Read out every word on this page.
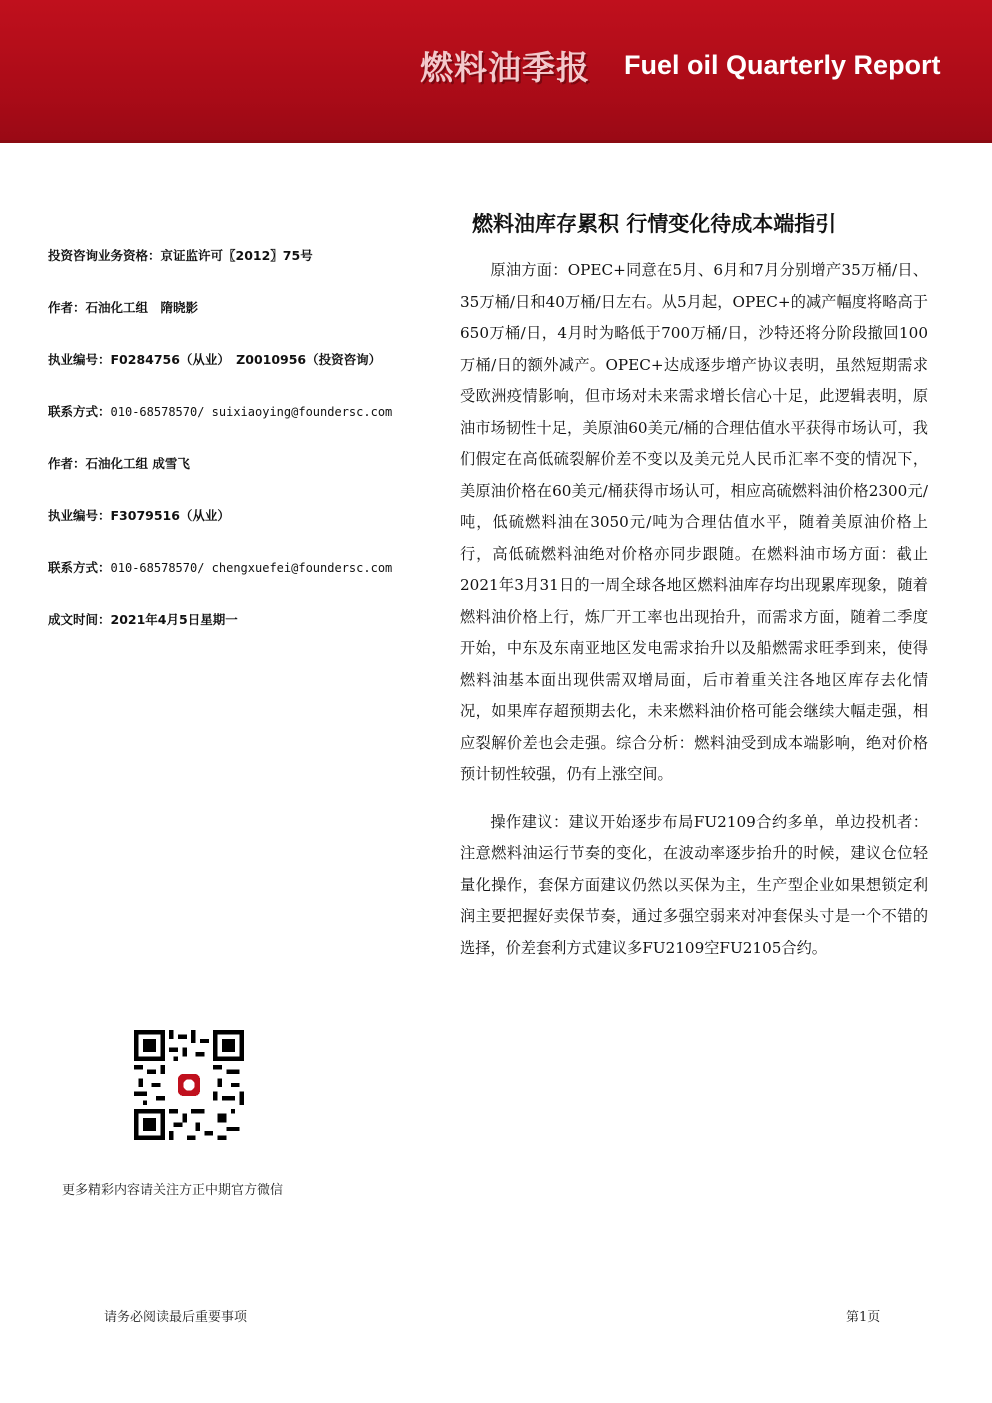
燃料油季报 Fuel oil Quarterly Report
投资咨询业务资格：京证监许可〖2012〗75号
作者：石油化工组　隋晓影
执业编号：F0284756（从业）　Z0010956（投资咨询）
联系方式：010-68578570/ suixiaoying@foundersc.com
作者：石油化工组 成雪飞
执业编号：F3079516（从业）
联系方式：010-68578570/ chengxuefei@foundersc.com
成文时间：2021年4月5日星期一
更多精彩内容请关注方正中期官方微信
燃料油库存累积 行情变化待成本端指引

原油方面：OPEC+同意在5月、6月和7月分别增产35万桶/日、35万桶/日和40万桶/日左右。从5月起，OPEC+的减产幅度将略高于650万桶/日，4月时为略低于700万桶/日，沙特还将分阶段撤回100万桶/日的额外减产。OPEC+达成逐步增产协议表明，虽然短期需求受欧洲疫情影响，但市场对未来需求增长信心十足，此逻辑表明，原油市场韧性十足，美原油60美元/桶的合理估值水平获得市场认可，我们假定在高低硫裂解价差不变以及美元兑人民币汇率不变的情况下，美原油价格在60美元/桶获得市场认可，相应高硫燃料油价格2300元/吨，低硫燃料油在3050元/吨为合理估值水平，随着美原油价格上行，高低硫燃料油绝对价格亦同步跟随。在燃料油市场方面：截止2021年3月31日的一周全球各地区燃料油库存均出现累库现象，随着燃料油价格上行，炼厂开工率也出现抬升，而需求方面，随着二季度开始，中东及东南亚地区发电需求抬升以及船燃需求旺季到来，使得燃料油基本面出现供需双增局面，后市着重关注各地区库存去化情况，如果库存超预期去化，未来燃料油价格可能会继续大幅走强，相应裂解价差也会走强。综合分析：燃料油受到成本端影响，绝对价格预计韧性较强，仍有上涨空间。

操作建议：建议开始逐步布局FU2109合约多单，单边投机者：注意燃料油运行节奏的变化，在波动率逐步抬升的时候，建议仓位轻量化操作，套保方面建议仍然以买保为主，生产型企业如果想锁定利润主要把握好卖保节奏，通过多强空弱来对冲套保头寸是一个不错的选择，价差套利方式建议多FU2109空FU2105合约。

请务必阅读最后重要事项	第1页
